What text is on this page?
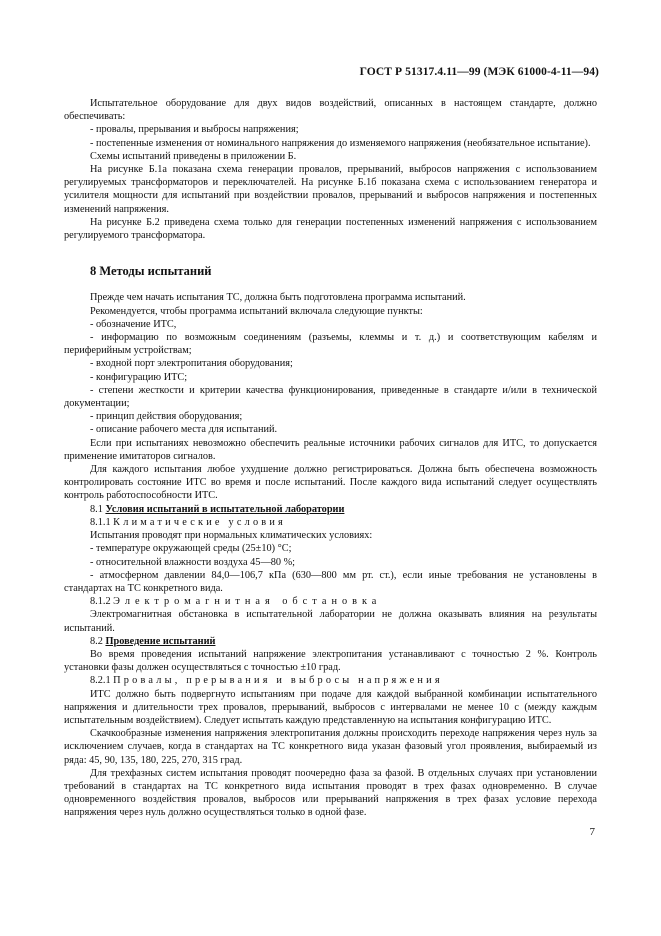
ГОСТ Р 51317.4.11—99 (МЭК 61000-4-11—94)

Испытательное оборудование для двух видов воздействий, описанных в настоящем стандарте, должно обеспечивать:

- провалы, прерывания и выбросы напряжения;

- постепенные изменения от номинального напряжения до изменяемого напряжения (необязательное испытание).

Схемы испытаний приведены в приложении Б.

На рисунке Б.1а показана схема генерации провалов, прерываний, выбросов напряжения с использованием регулируемых трансформаторов и переключателей. На рисунке Б.1б показана схема с использованием генератора и усилителя мощности для испытаний при воздействии провалов, прерываний и выбросов напряжения и постепенных изменений напряжения.

На рисунке Б.2 приведена схема только для генерации постепенных изменений напряжения с использованием регулируемого трансформатора.

8 Методы испытаний

Прежде чем начать испытания ТС, должна быть подготовлена программа испытаний.

Рекомендуется, чтобы программа испытаний включала следующие пункты:

- обозначение ИТС,

- информацию по возможным соединениям (разъемы, клеммы и т. д.) и соответствующим кабелям и периферийным устройствам;

- входной порт электропитания оборудования;

- конфигурацию ИТС;

- степени жесткости и критерии качества функционирования, приведенные в стандарте и/или в технической документации;

- принцип действия оборудования;

- описание рабочего места для испытаний.

Если при испытаниях невозможно обеспечить реальные источники рабочих сигналов для ИТС, то допускается применение имитаторов сигналов.

Для каждого испытания любое ухудшение должно регистрироваться. Должна быть обеспечена возможность контролировать состояние ИТС во время и после испытаний. После каждого вида испытаний следует осуществлять контроль работоспособности ИТС.

8.1 Условия испытаний в испытательной лаборатории

8.1.1 Климатические условия

Испытания проводят при нормальных климатических условиях:

- температуре окружающей среды (25±10) °С;

- относительной влажности воздуха 45—80 %;

- атмосферном давлении 84,0—106,7 кПа (630—800 мм рт. ст.), если иные требования не установлены в стандартах на ТС конкретного вида.

8.1.2 Электромагнитная обстановка

Электромагнитная обстановка в испытательной лаборатории не должна оказывать влияния на результаты испытаний.

8.2 Проведение испытаний

Во время проведения испытаний напряжение электропитания устанавливают с точностью 2 %. Контроль установки фазы должен осуществляться с точностью ±10 град.

8.2.1 Провалы, прерывания и выбросы напряжения

ИТС должно быть подвергнуто испытаниям при подаче для каждой выбранной комбинации испытательного напряжения и длительности трех провалов, прерываний, выбросов с интервалами не менее 10 с (между каждым испытательным воздействием). Следует испытать каждую представленную на испытания конфигурацию ИТС.

Скачкообразные изменения напряжения электропитания должны происходить переходе напряжения через нуль за исключением случаев, когда в стандартах на ТС конкретного вида указан фазовый угол проявления, выбираемый из ряда: 45, 90, 135, 180, 225, 270, 315 град.

Для трехфазных систем испытания проводят поочередно фаза за фазой. В отдельных случаях при установлении требований в стандартах на ТС конкретного вида испытания проводят в трех фазах одновременно. В случае одновременного воздействия провалов, выбросов или прерываний напряжения в трех фазах условие перехода напряжения через нуль должно осуществляться только в одной фазе.

7
